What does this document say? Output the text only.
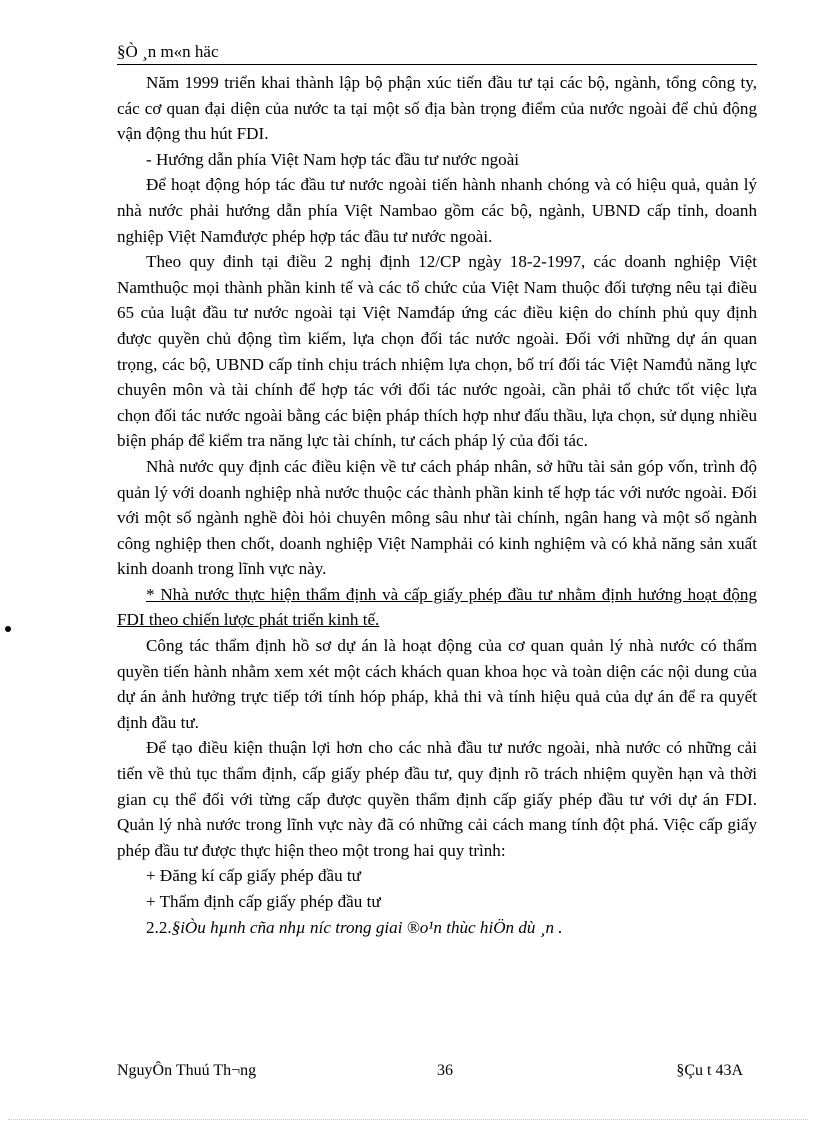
§Ò ¸n m«n häc

Năm 1999 triển khai thành lập bộ phận xúc tiến đầu tư tại các bộ, ngành, tổng công ty, các cơ quan đại diện của nước ta tại một số địa bàn trọng điểm của nước ngoài để chủ động vận động thu hút FDI.

- Hướng dẫn phía Việt Nam hợp tác đầu tư nước ngoài

Để hoạt động hóp tác đầu tư nước ngoài tiến hành nhanh chóng và có hiệu quả, quản lý nhà nước phải hướng dẫn phía Việt Nambao gồm các bộ, ngành, UBND cấp tỉnh, doanh nghiệp Việt Namđược phép hợp tác đầu tư nước ngoài.

Theo quy đinh tại điều 2 nghị định 12/CP ngày 18-2-1997, các doanh nghiệp Việt Namthuộc mọi thành phần kinh tế và các tổ chức của Việt Nam thuộc đối tượng nêu tại điều 65 của luật đầu tư nước ngoài tại Việt Namđáp ứng các điều kiện do chính phủ quy định được quyền chủ động tìm kiếm, lựa chọn đối tác nước ngoài. Đối với những dự án quan trọng, các bộ, UBND cấp tỉnh chịu trách nhiệm lựa chọn, bố trí đối tác Việt Namđủ năng lực chuyên môn và tài chính để hợp tác với đối tác nước ngoài, cần phải tổ chức tốt việc lựa chọn đối tác nước ngoài bằng các biện pháp thích hợp như đấu thầu, lựa chọn, sử dụng nhiều biện pháp để kiểm tra năng lực tài chính, tư cách pháp lý của đối tác.

Nhà nước quy định các điều kiện về tư cách pháp nhân, sở hữu tài sản góp vốn, trình độ quản lý với doanh nghiệp nhà nước thuộc các thành phần kinh tế hợp tác với nước ngoài. Đối với một số ngành nghề đòi hỏi chuyên mông sâu như tài chính, ngân hang và một số ngành công nghiệp then chốt, doanh nghiệp Việt Namphải có kinh nghiệm và có khả năng sản xuất kinh doanh trong lĩnh vực này.

* Nhà nước thực hiện thẩm định và cấp giấy phép đầu tư nhằm định hướng hoạt động FDI theo chiến lược phát triển kinh tế.

Công tác thẩm định hồ sơ dự án là hoạt động của cơ quan quản lý nhà nước có thẩm quyền tiến hành nhằm xem xét một cách khách quan khoa học và toàn diện các nội dung của dự án ảnh hưởng trực tiếp tới tính hóp pháp, khả thi và tính hiệu quả của dự án để ra quyết định đầu tư.

Để tạo điều kiện thuận lợi hơn cho các nhà đầu tư nước ngoài, nhà nước có những cải tiến về thủ tục thẩm định, cấp giấy phép đầu tư, quy định rõ trách nhiệm quyền hạn và thời gian cụ thể đối với từng cấp được quyền thẩm định cấp giấy phép đầu tư với dự án FDI. Quản lý nhà nước trong lĩnh vực này đã có những cải cách mang tính đột phá. Việc cấp giấy phép đầu tư được thực hiện theo một trong hai quy trình:

+ Đăng kí cấp giấy phép đầu tư

+ Thẩm định cấp giấy phép đầu tư

2.2.§iÒu hµnh cña nhµ níc trong giai ®o¹n thùc hiÖn dù ¸n .

NguyÔn Thuú Th¬ng	36	§Çu t 43A
